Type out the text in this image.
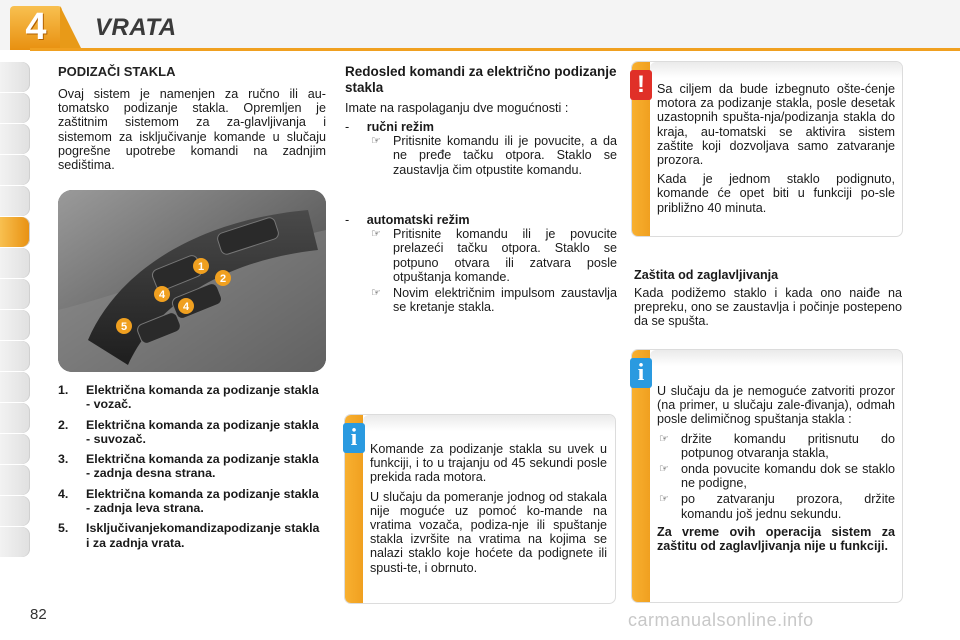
4	VRATA
PODIZAČI STAKLA
Ovaj sistem je namenjen za ručno ili au-tomatsko podizanje stakla. Opremljen je zaštitnim sistemom za za-glavljivanja i sistemom za isključivanje komande u slučaju pogrešne upotrebe komandi na zadnjim sedištima.
1
2
4
4
5
1. Električna komanda za podizanje stakla - vozač.
2. Električna komanda za podizanje stakla - suvozač.
3. Električna komanda za podizanje stakla - zadnja desna strana.
4. Električna komanda za podizanje stakla - zadnja leva strana.
5. Isključivanjekomandizapodizanje stakla i za zadnja vrata.
Redosled komandi za električno podizanje stakla
Imate na raspolaganju dve mogućnosti :
- ručni režim
☞ Pritisnite komandu ili je povucite, a da ne pređe tačku otpora. Staklo se zaustavlja čim otpustite komandu.
- automatski režim
☞ Pritisnite komandu ili je povucite prelazeći tačku otpora. Staklo se potpuno otvara ili zatvara posle otpuštanja komande.
☞ Novim električnim impulsom zaustavlja se kretanje stakla.
i	Komande za podizanje stakla su uvek u funkciji, i to u trajanju od 45 sekundi posle prekida rada motora.

U slučaju da pomeranje jodnog od stakala nije moguće uz pomoć ko-mande na vratima vozača, podiza-nje ili spuštanje stakla izvršite na vratima na kojima se nalazi staklo koje hoćete da podignete ili spusti-te, i obrnuto.

! Sa ciljem da bude izbegnuto ošte-ćenje motora za podizanje stakla, posle desetak uzastopnih spušta-nja/podizanja stakla do kraja, au-tomatski se aktivira sistem zaštite koji dozvoljava samo zatvaranje prozora.

Kada je jednom staklo podignuto, komande će opet biti u funkciji po-sle približno 40 minuta.

Zaštita od zaglavljivanja
Kada podižemo staklo i kada ono naiđe na prepreku, ono se zaustavlja i počinje postepeno da se spušta.
i

U slučaju da je nemoguće zatvoriti prozor (na primer, u slučaju zale-đivanja), odmah posle delimičnog spuštanja stakla :

☞ držite komandu pritisnutu do potpunog otvaranja stakla,
☞ onda povucite komandu dok se staklo ne podigne,
☞ po zatvaranju prozora, držite komandu još jednu sekundu.

Za vreme ovih operacija sistem za zaštitu od zaglavljivanja nije u funkciji.

82	carmanualsonline.info
